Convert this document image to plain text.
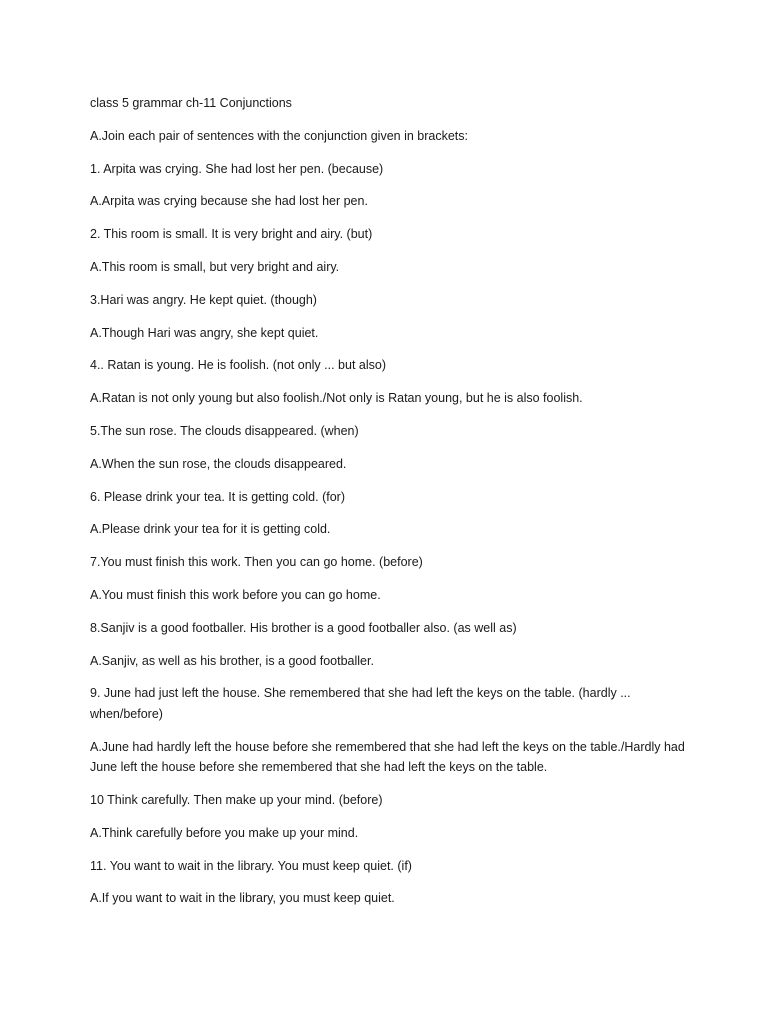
class 5 grammar ch-11 Conjunctions

A.Join each pair of sentences with the conjunction given in brackets:

1. Arpita was crying. She had lost her pen. (because)

A.Arpita was crying because she had lost her pen.

2. This room is small. It is very bright and airy. (but)

A.This room is small, but very bright and airy.

3.Hari was angry. He kept quiet. (though)

A.Though Hari was angry, she kept quiet.

4.. Ratan is young. He is foolish. (not only ... but also)

A.Ratan is not only young but also foolish./Not only is Ratan young, but he is also foolish.

5.The sun rose. The clouds disappeared. (when)

A.When the sun rose, the clouds disappeared.

6. Please drink your tea. It is getting cold. (for)

A.Please drink your tea for it is getting cold.

7.You must finish this work. Then you can go home. (before)

A.You must finish this work before you can go home.

8.Sanjiv is a good footballer. His brother is a good footballer also. (as well as)

A.Sanjiv, as well as his brother, is a good footballer.

9. June had just left the house. She remembered that she had left the keys on the table. (hardly ... when/before)

A.June had hardly left the house before she remembered that she had left the keys on the table./Hardly had June left the house before she remembered that she had left the keys on the table.

10 Think carefully. Then make up your mind. (before)

A.Think carefully before you make up your mind.

11. You want to wait in the library. You must keep quiet. (if)

A.If you want to wait in the library, you must keep quiet.
